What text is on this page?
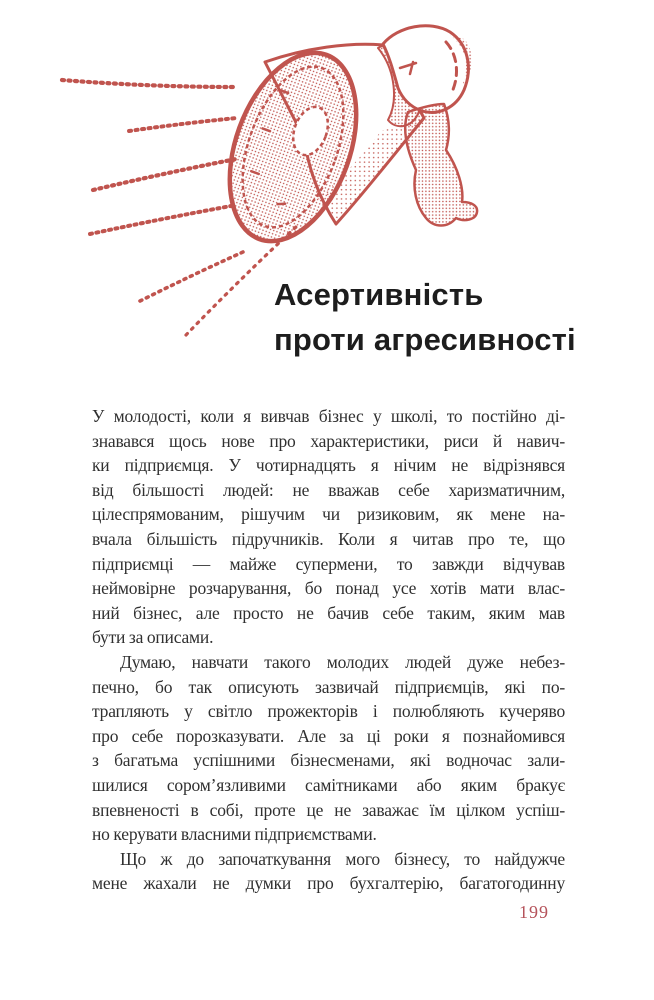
Асертивність
проти агресивності
У молодості, коли я вивчав бізнес у школі, то постійно ді-
знавався щось нове про характеристики, риси й навич-
ки підприємця. У чотирнадцять я нічим не відрізнявся
від більшості людей: не вважав себе харизматичним,
цілеспрямованим, рішучим чи ризиковим, як мене на-
вчала більшість підручників. Коли я читав про те, що
підприємці — майже супермени, то завжди відчував
неймовірне розчарування, бо понад усе хотів мати влас-
ний бізнес, але просто не бачив себе таким, яким мав
бути за описами.
Думаю, навчати такого молодих людей дуже небез-
печно, бо так описують зазвичай підприємців, які по-
трапляють у світло прожекторів і полюбляють кучеряво
про себе порозказувати. Але за ці роки я познайомився
з багатьма успішними бізнесменами, які водночас зали-
шилися сором’язливими самітниками або яким бракує
впевненості в собі, проте це не заважає їм цілком успіш-
но керувати власними підприємствами.
Що ж до започаткування мого бізнесу, то найдужче
мене жахали не думки про бухгалтерію, багатогодинну
199
